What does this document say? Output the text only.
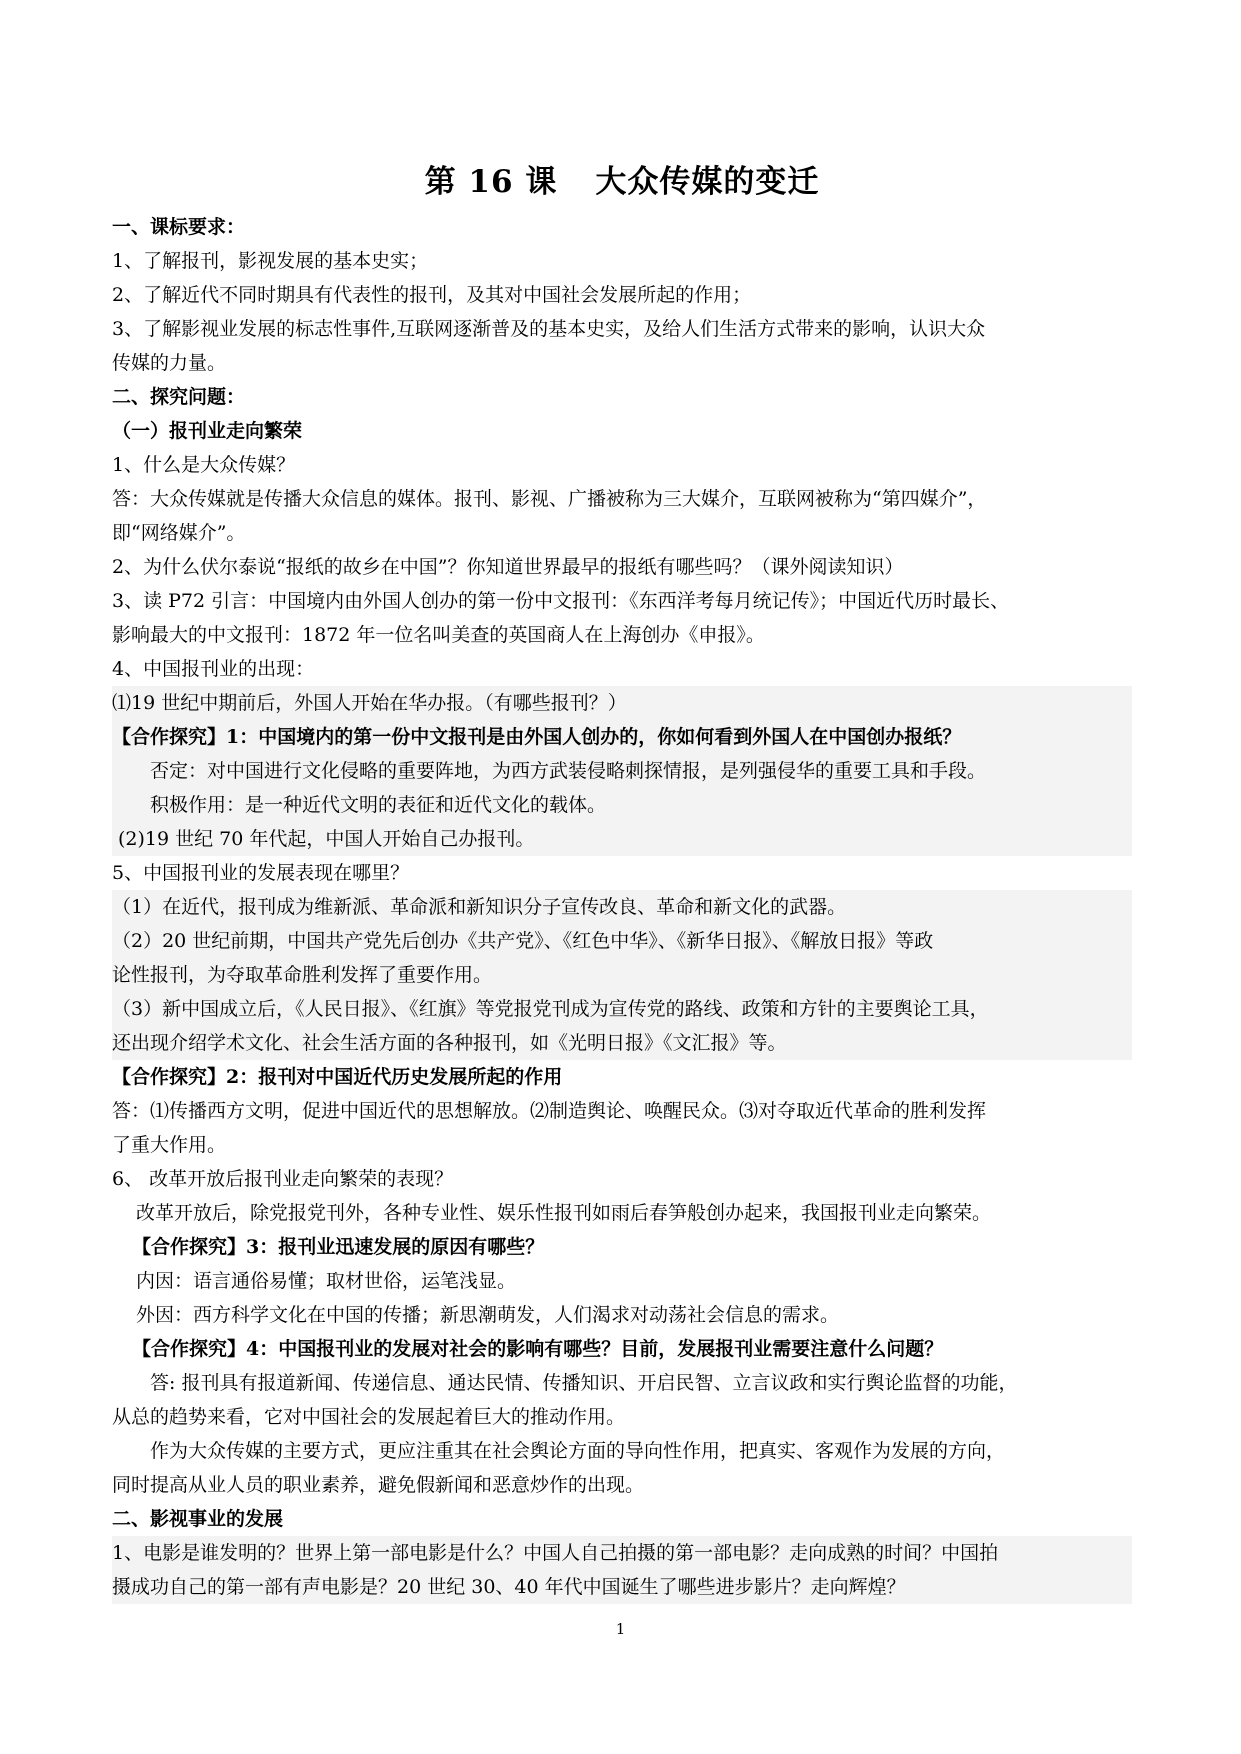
第 16 课 大众传媒的变迁
一、课标要求：
1、了解报刊，影视发展的基本史实；
2、了解近代不同时期具有代表性的报刊，及其对中国社会发展所起的作用；
3、了解影视业发展的标志性事件,互联网逐渐普及的基本史实，及给人们生活方式带来的影响，认识大众
传媒的力量。
二、探究问题：
（一）报刊业走向繁荣
1、什么是大众传媒？
答：大众传媒就是传播大众信息的媒体。报刊、影视、广播被称为三大媒介，互联网被称为“第四媒介”，
即“网络媒介”。
2、为什么伏尔泰说“报纸的故乡在中国”？你知道世界最早的报纸有哪些吗？（课外阅读知识）
3、读 P72 引言：中国境内由外国人创办的第一份中文报刊：《东西洋考每月统记传》；中国近代历时最长、
影响最大的中文报刊：1872 年一位名叫美查的英国商人在上海创办《申报》。
4、中国报刊业的出现：
⑴19 世纪中期前后，外国人开始在华办报。（有哪些报刊？）
【合作探究】1：中国境内的第一份中文报刊是由外国人创办的，你如何看到外国人在中国创办报纸？
否定：对中国进行文化侵略的重要阵地，为西方武装侵略刺探情报，是列强侵华的重要工具和手段。
积极作用：是一种近代文明的表征和近代文化的载体。
(2)19 世纪 70 年代起，中国人开始自己办报刊。
5、中国报刊业的发展表现在哪里？
（1）在近代，报刊成为维新派、革命派和新知识分子宣传改良、革命和新文化的武器。
（2）20 世纪前期，中国共产党先后创办《共产党》、《红色中华》、《新华日报》、《解放日报》等政
论性报刊，为夺取革命胜利发挥了重要作用。
（3）新中国成立后，《人民日报》、《红旗》等党报党刊成为宣传党的路线、政策和方针的主要舆论工具，
还出现介绍学术文化、社会生活方面的各种报刊，如《光明日报》《文汇报》等。
【合作探究】2：报刊对中国近代历史发展所起的作用
答：⑴传播西方文明，促进中国近代的思想解放。⑵制造舆论、唤醒民众。⑶对夺取近代革命的胜利发挥
了重大作用。
6、 改革开放后报刊业走向繁荣的表现？
改革开放后，除党报党刊外，各种专业性、娱乐性报刊如雨后春笋般创办起来，我国报刊业走向繁荣。
【合作探究】3：报刊业迅速发展的原因有哪些？
内因：语言通俗易懂；取材世俗，运笔浅显。
外因：西方科学文化在中国的传播；新思潮萌发，人们渴求对动荡社会信息的需求。
【合作探究】4：中国报刊业的发展对社会的影响有哪些？目前，发展报刊业需要注意什么问题？
答: 报刊具有报道新闻、传递信息、通达民情、传播知识、开启民智、立言议政和实行舆论监督的功能，
从总的趋势来看，它对中国社会的发展起着巨大的推动作用。
作为大众传媒的主要方式，更应注重其在社会舆论方面的导向性作用，把真实、客观作为发展的方向，
同时提高从业人员的职业素养，避免假新闻和恶意炒作的出现。
二、影视事业的发展
1、电影是谁发明的？世界上第一部电影是什么？中国人自己拍摄的第一部电影？走向成熟的时间？中国拍
摄成功自己的第一部有声电影是？20 世纪 30、40 年代中国诞生了哪些进步影片？走向辉煌？
1
